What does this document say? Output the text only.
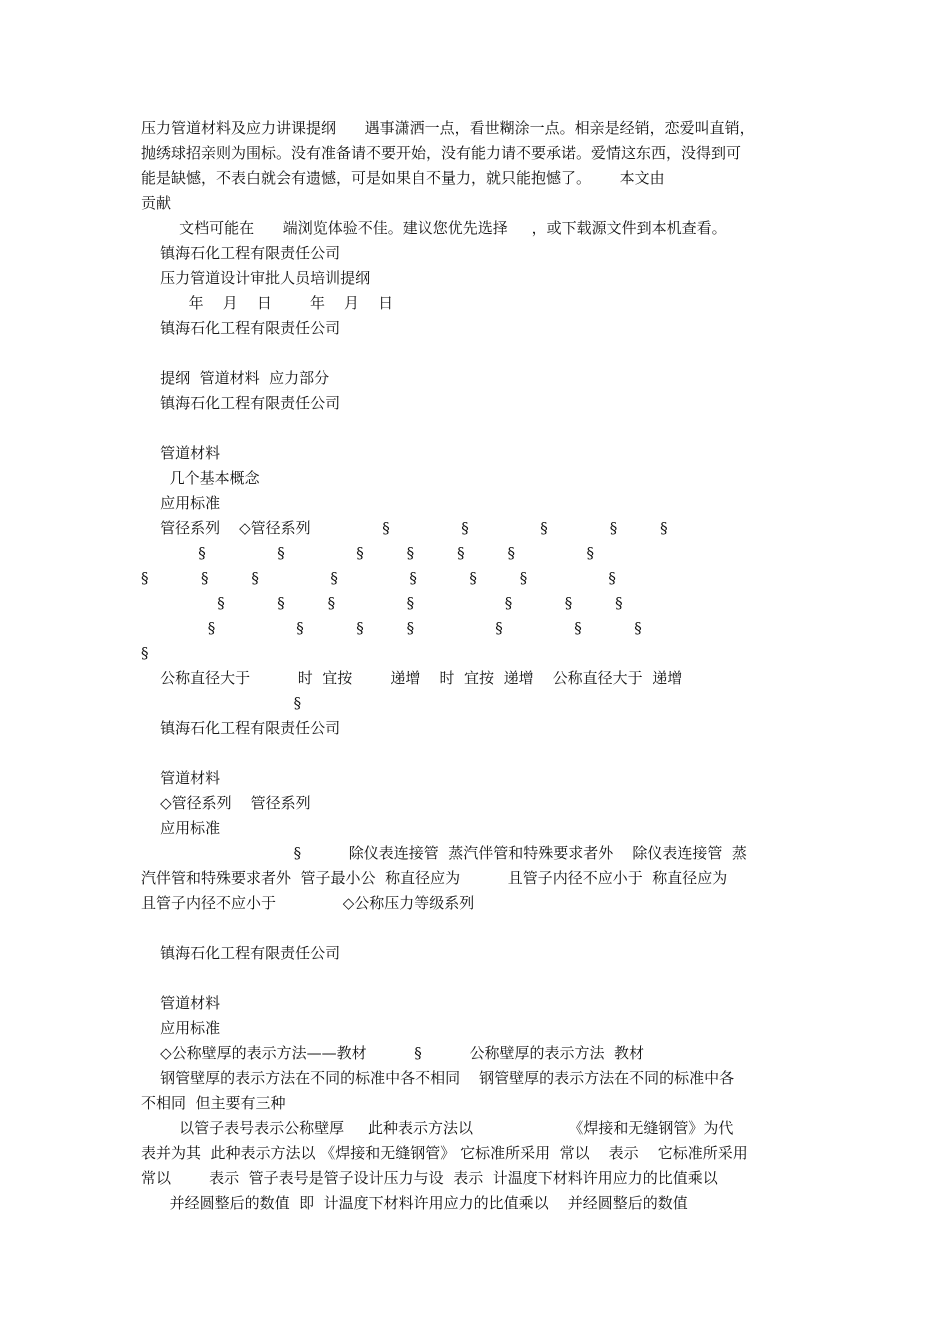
压力管道材料及应力讲课提纲      遇事潇洒一点，看世糊涂一点。相亲是经销，恋爱叫直销，
抛绣球招亲则为围标。没有准备请不要开始，没有能力请不要承诺。爱情这东西，没得到可
能是缺憾，不表白就会有遗憾，可是如果自不量力，就只能抱憾了。      本文由
贡献
文档可能在      端浏览体验不佳。建议您优先选择     ，或下载源文件到本机查看。
镇海石化工程有限责任公司
压力管道设计审批人员培训提纲
年    月    日        年    月    日
镇海石化工程有限责任公司
提纲  管道材料  应力部分
镇海石化工程有限责任公司
管道材料
几个基本概念
应用标准
管径系列    ◇管径系列               §               §               §             §         §
§               §               §         §         §         §               §
§           §         §               §               §           §         §                 §
§           §         §               §                   §           §         §
§                 §           §         §                 §               §           §
§
公称直径大于          时  宜按        递增    时  宜按  递增    公称直径大于  递增
§
镇海石化工程有限责任公司
管道材料
◇管径系列    管径系列
应用标准
§          除仪表连接管  蒸汽伴管和特殊要求者外    除仪表连接管  蒸
汽伴管和特殊要求者外  管子最小公  称直径应为          且管子内径不应小于  称直径应为
且管子内径不应小于              ◇公称压力等级系列
镇海石化工程有限责任公司
管道材料
应用标准
◇公称壁厚的表示方法——教材          §          公称壁厚的表示方法  教材
钢管壁厚的表示方法在不同的标准中各不相同    钢管壁厚的表示方法在不同的标准中各
不相同  但主要有三种
以管子表号表示公称壁厚     此种表示方法以                    《焊接和无缝钢管》为代
表并为其  此种表示方法以 《焊接和无缝钢管》 它标准所采用  常以    表示    它标准所采用
常以        表示  管子表号是管子设计压力与设  表示  计温度下材料许用应力的比值乘以
并经圆整后的数值  即  计温度下材料许用应力的比值乘以    并经圆整后的数值
